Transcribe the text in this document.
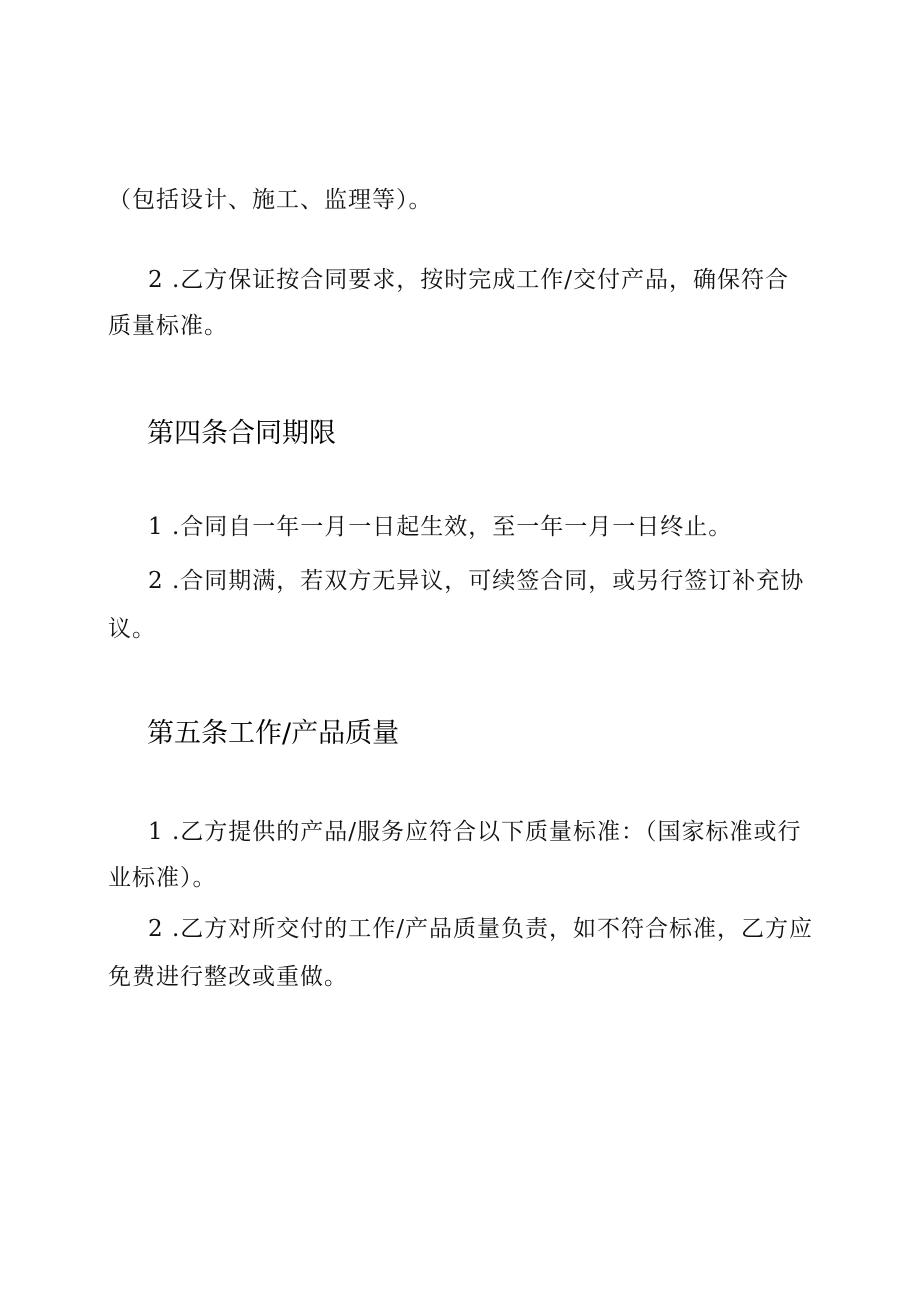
（包括设计、施工、监理等）。
2 .乙方保证按合同要求，按时完成工作/交付产品，确保符合
质量标准。
第四条合同期限
1 .合同自一年一月一日起生效，至一年一月一日终止。
2 .合同期满，若双方无异议，可续签合同，或另行签订补充协
议。
第五条工作/产品质量
1 .乙方提供的产品/服务应符合以下质量标准：（国家标准或行
业标准）。
2 .乙方对所交付的工作/产品质量负责，如不符合标准，乙方应
免费进行整改或重做。
